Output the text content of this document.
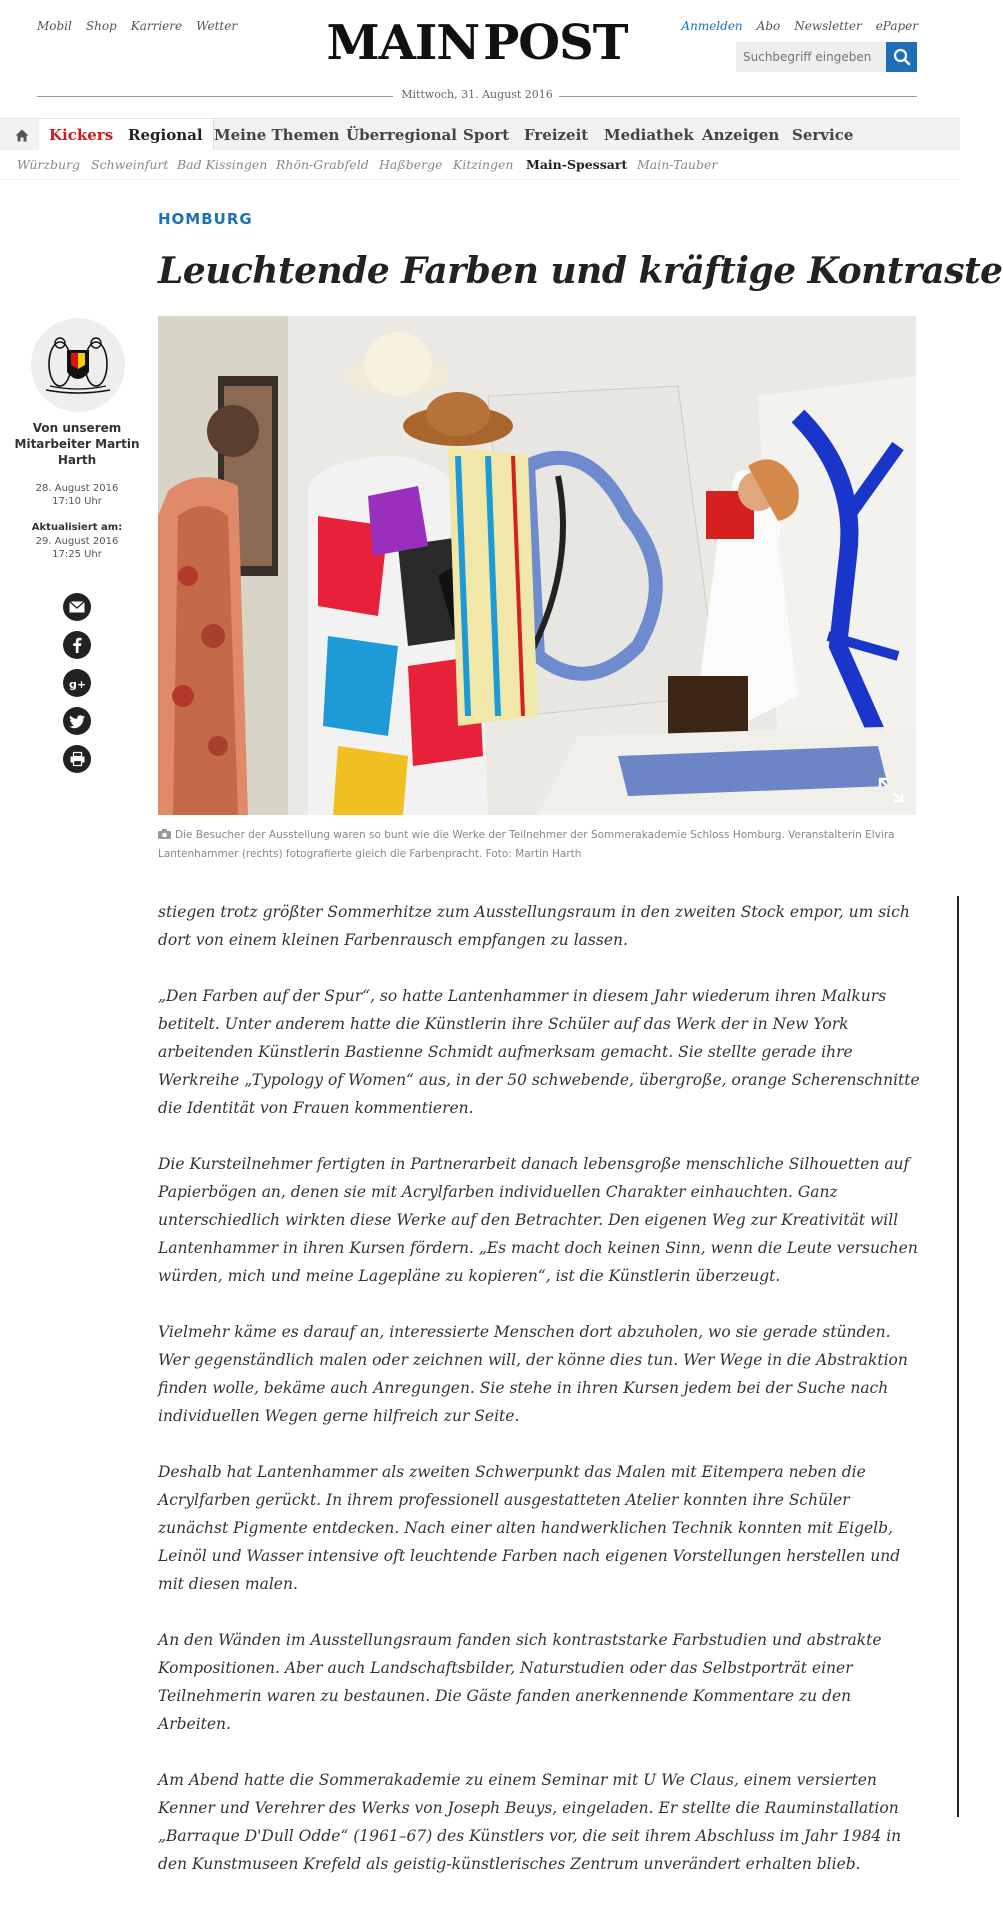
Mobil Shop Karriere Wetter MAIN POST	Anmelden Abo Newsletter ePaper
Suchbegriff eingeben
Mittwoch, 31. August 2016
Kickers Regional Meine Themen Überregional Sport Freizeit	Mediathek Anzeigen Service
Würzburg Schweinfurt Bad Kissingen Rhön-Grabfeld Haßberge Kitzingen Main-Spessart Main-Tauber
HOMBURG
Leuchtende Farben und kräftige Kontraste
Die Besucher der Ausstellung waren so bunt wie die Werke der Teilnehmer der Sommerakademie Schloss Homburg. Veranstalterin Elvira Lantenhammer (rechts) fotografierte gleich die Farbenpracht. Foto: Martin Harth
Von unserem Mitarbeiter Martin Harth
28. August 2016
17:10 Uhr
Aktualisiert am:
29. August 2016
17:25 Uhr
g+

stiegen trotz größter Sommerhitze zum Ausstellungsraum in den zweiten Stock empor, um sich dort von einem kleinen Farbenrausch empfangen zu lassen.

„Den Farben auf der Spur“, so hatte Lantenhammer in diesem Jahr wiederum ihren Malkurs betitelt. Unter anderem hatte die Künstlerin ihre Schüler auf das Werk der in New York arbeitenden Künstlerin Bastienne Schmidt aufmerksam gemacht. Sie stellte gerade ihre Werkreihe „Typology of Women“ aus, in der 50 schwebende, übergroße, orange Scherenschnitte die Identität von Frauen kommentieren.

Die Kursteilnehmer fertigten in Partnerarbeit danach lebensgroße menschliche Silhouetten auf Papierbögen an, denen sie mit Acrylfarben individuellen Charakter einhauchten. Ganz unterschiedlich wirkten diese Werke auf den Betrachter. Den eigenen Weg zur Kreativität will Lantenhammer in ihren Kursen fördern. „Es macht doch keinen Sinn, wenn die Leute versuchen würden, mich und meine Lagepläne zu kopieren“, ist die Künstlerin überzeugt.

Vielmehr käme es darauf an, interessierte Menschen dort abzuholen, wo sie gerade stünden. Wer gegenständlich malen oder zeichnen will, der könne dies tun. Wer Wege in die Abstraktion finden wolle, bekäme auch Anregungen. Sie stehe in ihren Kursen jedem bei der Suche nach individuellen Wegen gerne hilfreich zur Seite.

Deshalb hat Lantenhammer als zweiten Schwerpunkt das Malen mit Eitempera neben die Acrylfarben gerückt. In ihrem professionell ausgestatteten Atelier konnten ihre Schüler zunächst Pigmente entdecken. Nach einer alten handwerklichen Technik konnten mit Eigelb, Leinöl und Wasser intensive oft leuchtende Farben nach eigenen Vorstellungen herstellen und mit diesen malen.

An den Wänden im Ausstellungsraum fanden sich kontraststarke Farbstudien und abstrakte Kompositionen. Aber auch Landschaftsbilder, Naturstudien oder das Selbstporträt einer Teilnehmerin waren zu bestaunen. Die Gäste fanden anerkennende Kommentare zu den Arbeiten.

Am Abend hatte die Sommerakademie zu einem Seminar mit U We Claus, einem versierten Kenner und Verehrer des Werks von Joseph Beuys, eingeladen. Er stellte die Rauminstallation „Barraque D'Dull Odde“ (1961–67) des Künstlers vor, die seit ihrem Abschluss im Jahr 1984 in den Kunstmuseen Krefeld als geistig-künstlerisches Zentrum unverändert erhalten blieb.
